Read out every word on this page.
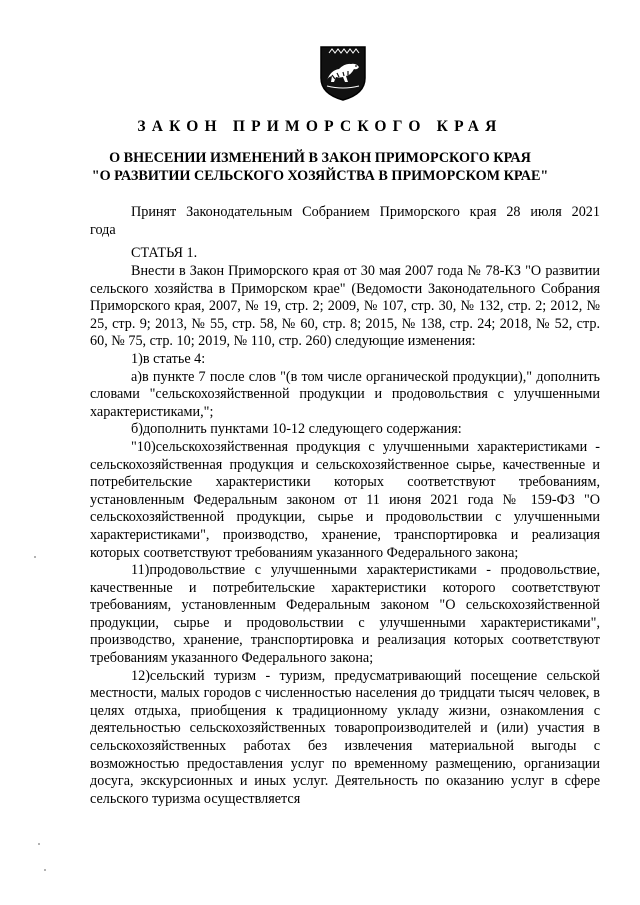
ЗАКОН ПРИМОРСКОГО КРАЯ
О ВНЕСЕНИИ ИЗМЕНЕНИЙ В ЗАКОН ПРИМОРСКОГО КРАЯ
"О РАЗВИТИИ СЕЛЬСКОГО ХОЗЯЙСТВА В ПРИМОРСКОМ КРАЕ"
Принят Законодательным Собранием Приморского края 28 июля 2021 года
СТАТЬЯ 1.

Внести в Закон Приморского края от 30 мая 2007 года № 78-КЗ "О развитии сельского хозяйства в Приморском крае" (Ведомости Законодательного Собрания Приморского края, 2007, № 19, стр. 2; 2009, № 107, стр. 30, № 132, стр. 2; 2012, № 25, стр. 9; 2013, № 55, стр. 58, № 60, стр. 8; 2015, № 138, стр. 24; 2018, № 52, стр. 60, № 75, стр. 10; 2019, № 110, стр. 260) следующие изменения:

1)в статье 4:

а)в пункте 7 после слов "(в том числе органической продукции)," дополнить словами "сельскохозяйственной продукции и продовольствия с улучшенными характеристиками,";

б)дополнить пунктами 10-12 следующего содержания:

"10)сельскохозяйственная продукция с улучшенными характеристиками - сельскохозяйственная продукция и сельскохозяйственное сырье, качественные и потребительские характеристики которых соответствуют требованиям, установленным Федеральным законом от 11 июня 2021 года № 159-ФЗ "О сельскохозяйственной продукции, сырье и продовольствии с улучшенными характеристиками", производство, хранение, транспортировка и реализация которых соответствуют требованиям указанного Федерального закона;

11)продовольствие с улучшенными характеристиками - продовольствие, качественные и потребительские характеристики которого соответствуют требованиям, установленным Федеральным законом "О сельскохозяйственной продукции, сырье и продовольствии с улучшенными характеристиками", производство, хранение, транспортировка и реализация которых соответствуют требованиям указанного Федерального закона;

12)сельский туризм - туризм, предусматривающий посещение сельской местности, малых городов с численностью населения до тридцати тысяч человек, в целях отдыха, приобщения к традиционному укладу жизни, ознакомления с деятельностью сельскохозяйственных товаропроизводителей и (или) участия в сельскохозяйственных работах без извлечения материальной выгоды с возможностью предоставления услуг по временному размещению, организации досуга, экскурсионных и иных услуг. Деятельность по оказанию услуг в сфере сельского туризма осуществляется
